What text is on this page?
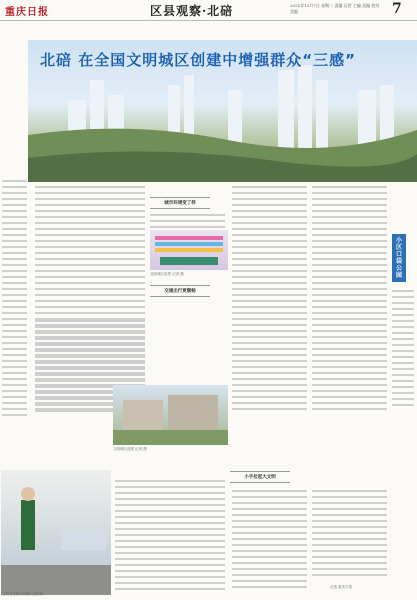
重庆日报	区县观察·北碚	2021年12月7日 星期二 责编 运营 主编 责编 校对 美编	7
北碚 在全国文明城区创建中增强群众“三感”
城市环境变了样
小区口袋公园
北碚城区夜景 记者 摄
交通出行更顺畅
文明城区创建 记者 摄
小手拉起大文明
志愿者在路口执勤 记者 摄
记者 重庆日报
